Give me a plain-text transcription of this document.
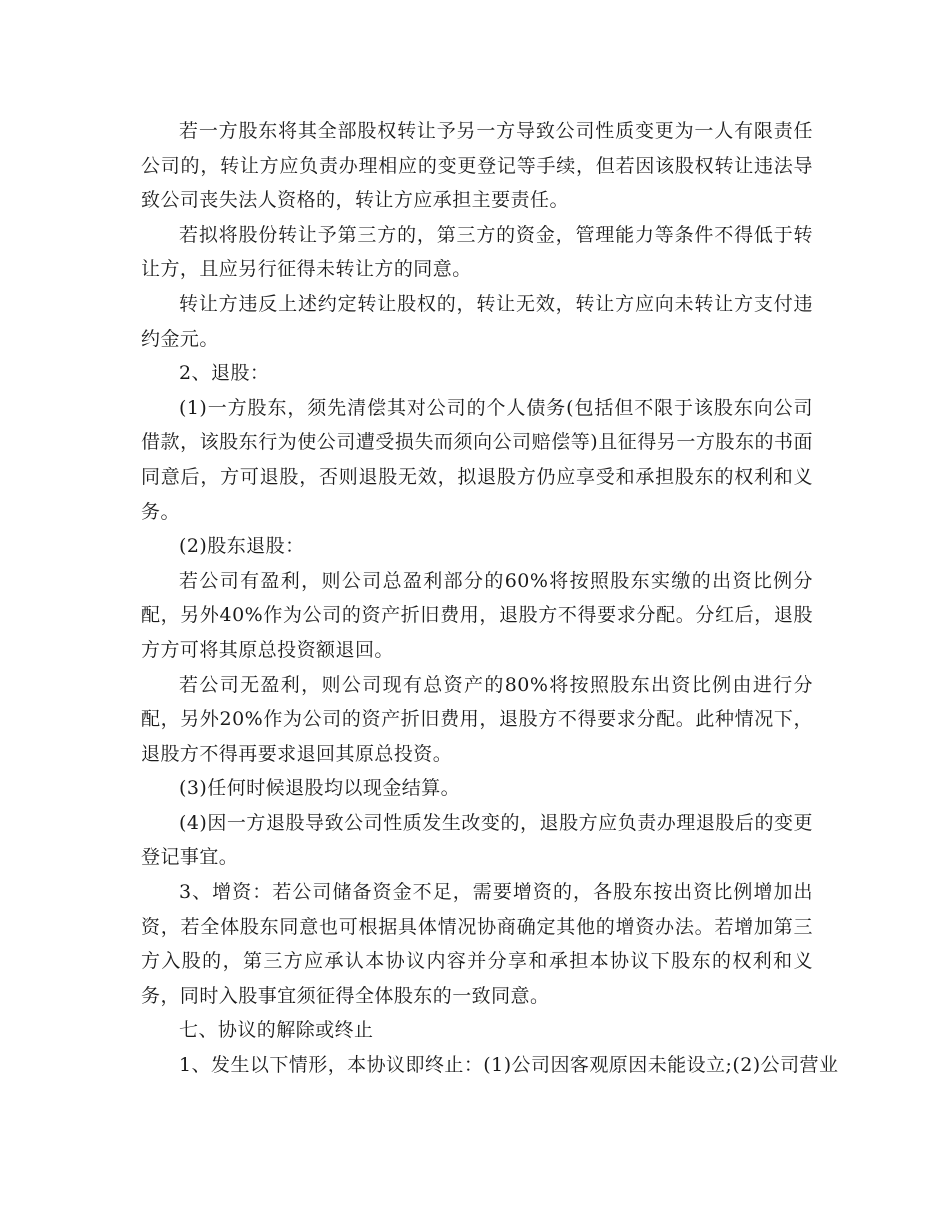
若一方股东将其全部股权转让予另一方导致公司性质变更为一人有限责任公司的，转让方应负责办理相应的变更登记等手续，但若因该股权转让违法导致公司丧失法人资格的，转让方应承担主要责任。

若拟将股份转让予第三方的，第三方的资金，管理能力等条件不得低于转让方，且应另行征得未转让方的同意。

转让方违反上述约定转让股权的，转让无效，转让方应向未转让方支付违约金元。

2、退股：

(1)一方股东，须先清偿其对公司的个人债务(包括但不限于该股东向公司借款，该股东行为使公司遭受损失而须向公司赔偿等)且征得另一方股东的书面同意后，方可退股，否则退股无效，拟退股方仍应享受和承担股东的权利和义务。

(2)股东退股：

若公司有盈利，则公司总盈利部分的60%将按照股东实缴的出资比例分配，另外40%作为公司的资产折旧费用，退股方不得要求分配。分红后，退股方方可将其原总投资额退回。

若公司无盈利，则公司现有总资产的80%将按照股东出资比例由进行分配，另外20%作为公司的资产折旧费用，退股方不得要求分配。此种情况下，退股方不得再要求退回其原总投资。

(3)任何时候退股均以现金结算。

(4)因一方退股导致公司性质发生改变的，退股方应负责办理退股后的变更登记事宜。

3、增资：若公司储备资金不足，需要增资的，各股东按出资比例增加出资，若全体股东同意也可根据具体情况协商确定其他的增资办法。若增加第三方入股的，第三方应承认本协议内容并分享和承担本协议下股东的权利和义务，同时入股事宜须征得全体股东的一致同意。

七、协议的解除或终止

1、发生以下情形，本协议即终止：(1)公司因客观原因未能设立;(2)公司营业
